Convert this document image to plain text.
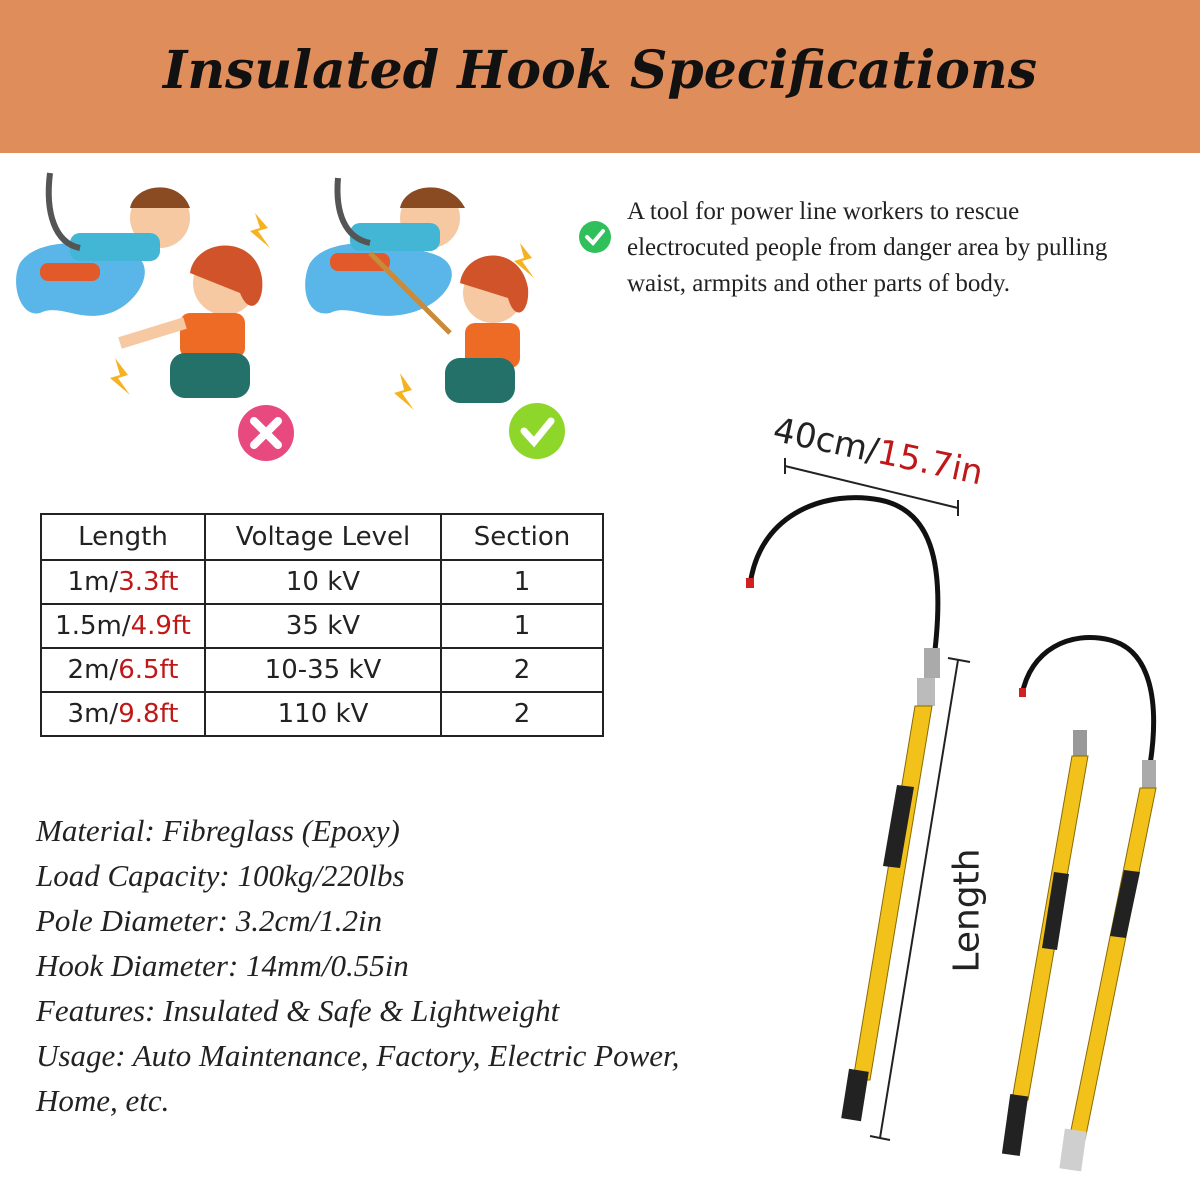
Insulated Hook Specifications
A tool for power line workers to rescue electrocuted people from danger area by pulling waist, armpits and other parts of body.
Length	Voltage Level	Section
1m/3.3ft	10 kV	1
1.5m/4.9ft	35 kV	1
2m/6.5ft	10-35 kV	2
3m/9.8ft	110 kV	2
Material: Fibreglass (Epoxy)
Load Capacity: 100kg/220lbs
Pole Diameter: 3.2cm/1.2in
Hook Diameter: 14mm/0.55in
Features: Insulated & Safe & Lightweight
Usage: Auto Maintenance, Factory, Electric Power,
Home, etc.
40cm/15.7in
Length
